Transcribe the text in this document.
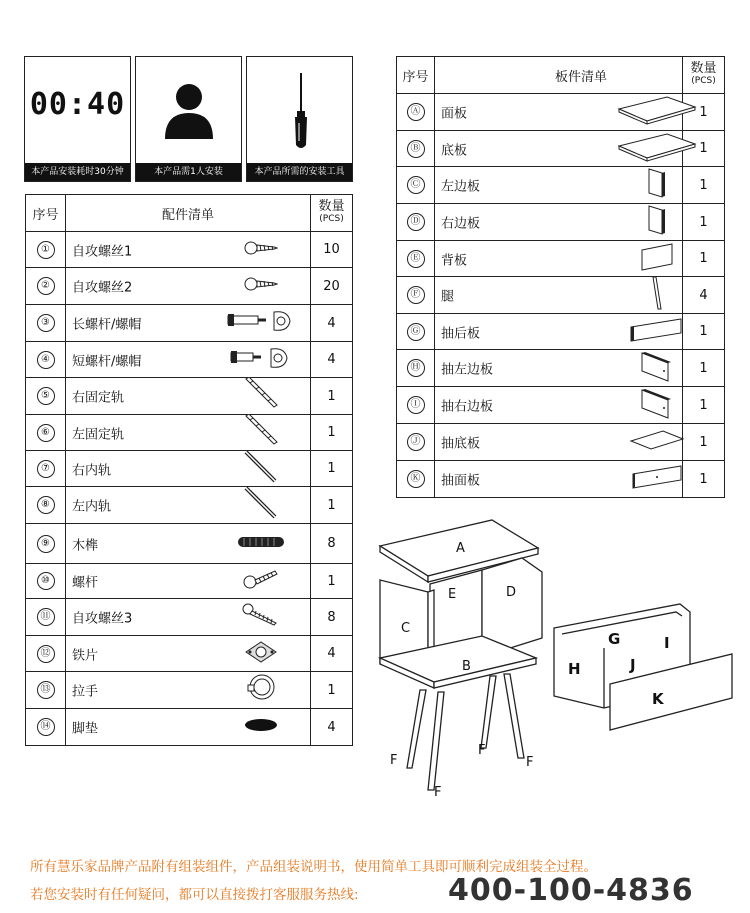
00:40
本产品安装耗时30分钟	本产品需1人安装	本产品所需的安装工具
序号	配件清单	数量
(PCS)

①	自攻螺丝1	10
②	自攻螺丝2	20
③	长螺杆/螺帽	4
④	短螺杆/螺帽	4
⑤	右固定轨	1
⑥	左固定轨	1
⑦	右内轨	1
⑧	左内轨	1
⑨	木榫	8
⑩	螺杆	1
⑪	自攻螺丝3	8
⑫	铁片	4
⑬	拉手	1
⑭	脚垫	4
序号	板件清单	数量
(PCS)

Ⓐ	面板	1
Ⓑ	底板	1
Ⓒ	左边板	1
Ⓓ	右边板	1
Ⓔ	背板	1
Ⓕ	腿	4
Ⓖ	抽后板	1
Ⓗ	抽左边板	1
Ⓘ	抽右边板	1
Ⓙ	抽底板	1
Ⓚ	抽面板	1
A
E	D
C
B
F
F
F
F
G	I
H	J
K
所有慧乐家品牌产品附有组装组件，产品组装说明书，使用简单工具即可顺利完成组装全过程。
若您安装时有任何疑问，都可以直接拨打客服服务热线:	400-100-4836
